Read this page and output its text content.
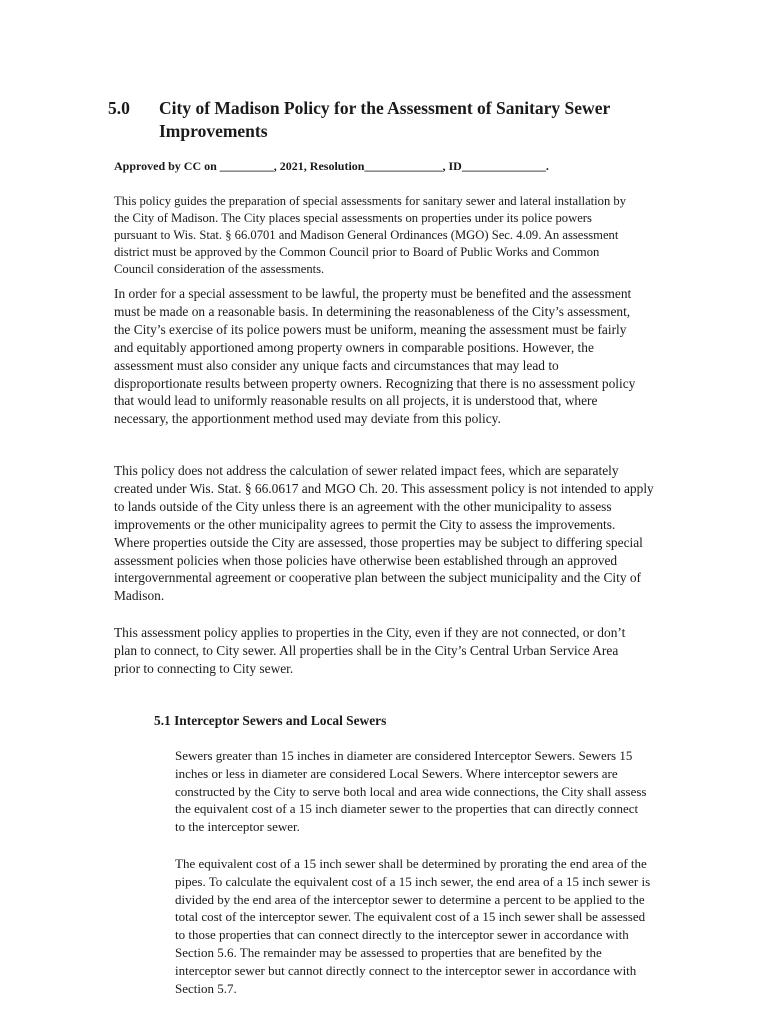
5.0	City of Madison Policy for the Assessment of Sanitary Sewer Improvements
Approved by CC on _________, 2021, Resolution_____________, ID______________.

This policy guides the preparation of special assessments for sanitary sewer and lateral installation by the City of Madison. The City places special assessments on properties under its police powers pursuant to Wis. Stat. § 66.0701 and Madison General Ordinances (MGO) Sec. 4.09. An assessment district must be approved by the Common Council prior to Board of Public Works and Common Council consideration of the assessments.

In order for a special assessment to be lawful, the property must be benefited and the assessment must be made on a reasonable basis. In determining the reasonableness of the City’s assessment, the City’s exercise of its police powers must be uniform, meaning the assessment must be fairly and equitably apportioned among property owners in comparable positions. However, the assessment must also consider any unique facts and circumstances that may lead to disproportionate results between property owners. Recognizing that there is no assessment policy that would lead to uniformly reasonable results on all projects, it is understood that, where necessary, the apportionment method used may deviate from this policy.

This policy does not address the calculation of sewer related impact fees, which are separately created under Wis. Stat. § 66.0617 and MGO Ch. 20. This assessment policy is not intended to apply to lands outside of the City unless there is an agreement with the other municipality to assess improvements or the other municipality agrees to permit the City to assess the improvements. Where properties outside the City are assessed, those properties may be subject to differing special assessment policies when those policies have otherwise been established through an approved intergovernmental agreement or cooperative plan between the subject municipality and the City of Madison.

This assessment policy applies to properties in the City, even if they are not connected, or don’t plan to connect, to City sewer. All properties shall be in the City’s Central Urban Service Area prior to connecting to City sewer.

5.1 Interceptor Sewers and Local Sewers

Sewers greater than 15 inches in diameter are considered Interceptor Sewers. Sewers 15 inches or less in diameter are considered Local Sewers. Where interceptor sewers are constructed by the City to serve both local and area wide connections, the City shall assess the equivalent cost of a 15 inch diameter sewer to the properties that can directly connect to the interceptor sewer.

The equivalent cost of a 15 inch sewer shall be determined by prorating the end area of the pipes. To calculate the equivalent cost of a 15 inch sewer, the end area of a 15 inch sewer is divided by the end area of the interceptor sewer to determine a percent to be applied to the total cost of the interceptor sewer. The equivalent cost of a 15 inch sewer shall be assessed to those properties that can connect directly to the interceptor sewer in accordance with Section 5.6. The remainder may be assessed to properties that are benefited by the interceptor sewer but cannot directly connect to the interceptor sewer in accordance with Section 5.7.
